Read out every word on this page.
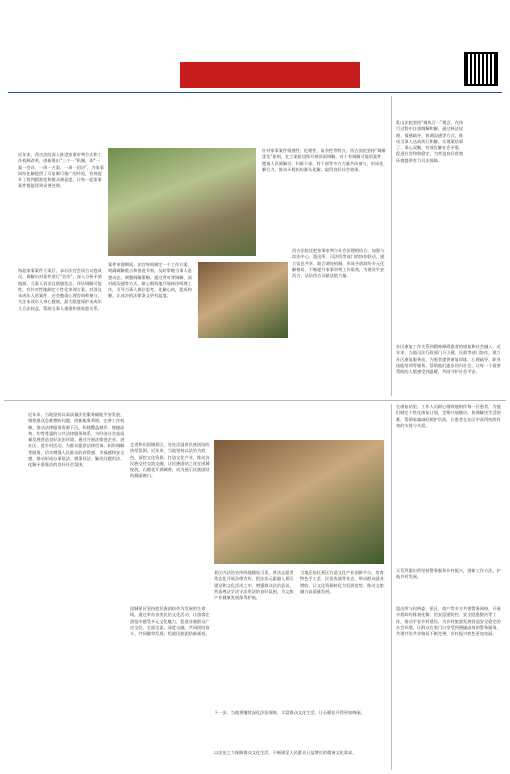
近年来，西吉法院深入推进家事审判方式和工作机制改革，创新推出“三个一”机制，即“一案一会诊、一周一方案、一周一回访”，为家事纠纷化解提供了可复制可推广的经验，有效提升了裁判精准度和群众满意度，让每一起家事案件都能得到妥善处理。
针对家事案件情感性、伦理性、复杂性等特点，西吉法院坚持“调解优先”原则，在立案阶段即开展诉前调解，对于有调解可能的案件，邀请人民调解员、妇联干部、村干部等多方力量共同参与，形成化解合力，推动矛盾纠纷源头化解，取得良好社会效果。
每起家事案件立案后，承办法官会同合议庭成员、调解员对案件进行“会诊”，深入分析矛盾根源、当事人诉求及情感状态，评估调解可能性，有针对性地制定个性化审理方案。对涉及未成年人的案件，还会邀请心理咨询师参与，关注未成年人身心健康，最大限度保护未成年人合法权益，帮助当事人重建和谐家庭关系。
案件审理期间，法官每周制定一个工作方案，明确调解重点和推进节奏，及时掌握当事人思想动态，调整调解策略。通过背对背调解、面对面沟通等方式，耐心细致地开展释法明理工作，引导当事人换位思考，化解心结，促成和解，让冰冷的法律条文更有温度。
西吉法院还把家事审判与社会治理相结合，加强与综治中心、派出所、司法所等部门的协作联动，建立信息共享、联合调处机制，形成矛盾纠纷多元化解格局，不断提升家事审判工作质效，为建设平安西吉、法治西吉贡献法院力量。
乳山法院坚持“调执合一”理念，在执行过程中注重调解和解，通过释法说理、情感疏导、协调沟通等方式，推动当事人达成执行和解，实现案结事了、事心双解，有效化解社会矛盾，促进社会和谐稳定，为营造良好营商环境提供有力司法保障。
社区康复工作关系到精神障碍患者的康复和社会融入。近年来，当地司法行政部门与卫健、民政等部门协作，建立社区康复服务站，为患者提供康复训练、心理疏导、职业技能培训等服务，帮助他们逐步回归社会，让每一个需要帮助的人都感受到温暖，共同守护社会平安。
近年来，当地坚持以高质量法治服务赋能平安发展，聚焦群众急难愁盼问题，创新服务举措，完善工作机制，推动法律服务资源下沉，构建覆盖城乡、便捷高效、均等普惠的公共法律服务体系，为经济社会高质量发展营造良好法治环境。通过开展法律进企业、进社区、进乡村活动，为群众提供法律咨询、纠纷调解等服务，切实增强人民群众的获得感、幸福感和安全感，推动形成办事依法、遇事找法、解决问题用法、化解矛盾靠法的良好社会氛围。
走进和田团城景区，处处洋溢着民族团结的浓厚氛围。近年来，当地坚持以法治为底色，深挖文化资源，打造文化产业，推动各民族交往交流交融，让民族团结之花在团城绽放，石榴花开满城香，成为展示民族团结的靓丽窗口。
团城景区坚持把民族团结作为发展的生命线，通过举办各类民俗文化活动，让游客在游览中感受多元文化魅力，促进各族群众广泛交往、全面交流、深度交融，共同团结奋斗、共同繁荣发展，绘就民族团结新画卷。
景区内法治宣传阵地随处可见，普法志愿者常态化开展法律宣传，把法治元素融入景区建设和文化活动之中，增强群众法治意识，营造尊法学法守法用法的良好氛围，为文旅产业健康发展保驾护航。
当地还依托景区打造文化产业创新平台，培育特色手工艺、民俗表演等业态，带动群众就业增收，让文化资源转化为发展优势，推动文旅融合高质量发展。
下一步，当地将继续深化法治保障，丰富群众文化生活，让石榴花开得更加绚丽。
以法治之力保障群众文化生活，不断满足人民群众日益增长的精神文化需求。
在康复站里，工作人员耐心细致地陪伴每一位患者，为他们制定个性化康复计划，定期开展随访，协调解决生活困难，帮助家属减轻照护负担，让患者在社区中获得持续有效的支持与关爱。
天荒坪派出所坚持警务服务乡村振兴，创新工作方法，护航乡村发展。
派出所与村两委、景区、商户等多方共建警务网格，开展矛盾纠纷排查化解、治安巡逻防控、安全隐患整治等工作，推动平安乡村建设，为乡村旅游发展营造安全稳定的社会环境，让群众在家门口享受到便捷高效的警务服务，共建共治共享格局不断完善，乡村振兴底色更加亮丽。
